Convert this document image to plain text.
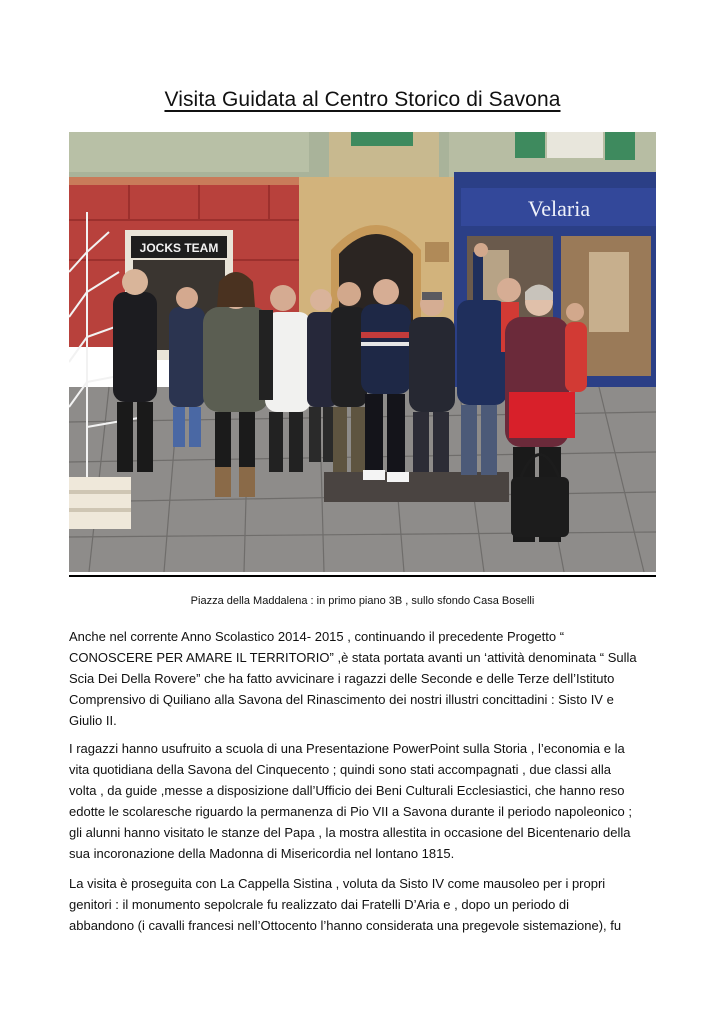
Visita Guidata al Centro Storico di Savona
JOCKS TEAM
Velaria
Piazza della Maddalena : in primo piano 3B , sullo sfondo Casa Boselli

Anche nel corrente Anno Scolastico 2014- 2015 , continuando il precedente Progetto “
CONOSCERE PER AMARE IL TERRITORIO” ,è stata portata avanti un ‘attività denominata “ Sulla
Scia Dei Della Rovere” che ha fatto avvicinare i ragazzi delle Seconde e delle Terze dell’Istituto
Comprensivo di Quiliano alla Savona del Rinascimento dei nostri illustri concittadini : Sisto IV e
Giulio II.

I ragazzi hanno usufruito a scuola di una Presentazione PowerPoint sulla Storia , l’economia e la
vita quotidiana della Savona del Cinquecento ; quindi sono stati accompagnati , due classi alla
volta , da guide ,messe a disposizione dall’Ufficio dei Beni Culturali Ecclesiastici, che hanno reso
edotte le scolaresche riguardo la permanenza di Pio VII a Savona durante il periodo napoleonico ;
gli alunni hanno visitato le stanze del Papa , la mostra allestita in occasione del Bicentenario della
sua incoronazione della Madonna di Misericordia nel lontano 1815.

La visita è proseguita con La Cappella Sistina , voluta da Sisto IV come mausoleo per i propri
genitori : il monumento sepolcrale fu realizzato dai Fratelli D’Aria e , dopo un periodo di
abbandono (i cavalli francesi nell’Ottocento l’hanno considerata una pregevole sistemazione), fu
